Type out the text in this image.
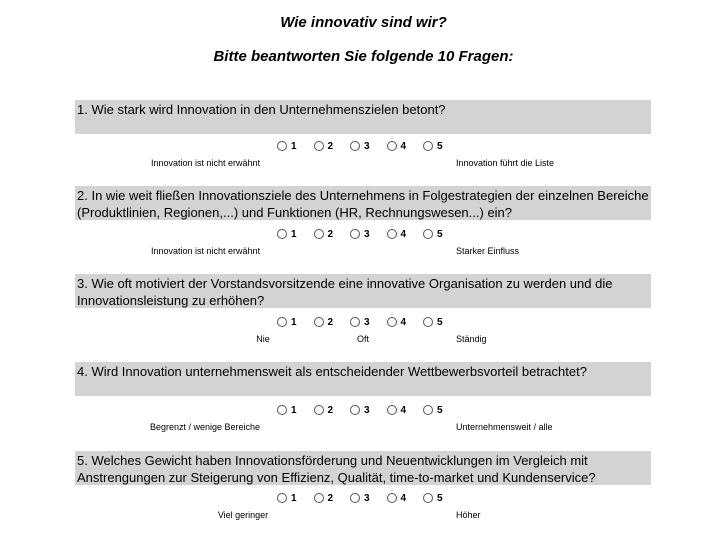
Wie innovativ sind wir?
Bitte beantworten Sie folgende 10 Fragen:
1. Wie stark wird Innovation in den Unternehmenszielen betont?
1	2	3	4	5
Innovation ist nicht erwähnt	Innovation führt die Liste
2. In wie weit fließen Innovationsziele des Unternehmens in Folgestrategien der einzelnen Bereiche (Produktlinien, Regionen,...) und Funktionen (HR, Rechnungswesen...) ein?
1	2	3	4	5
Innovation ist nicht erwähnt	Starker Einfluss
3. Wie oft motiviert der Vorstandsvorsitzende eine innovative Organisation zu werden und die Innovationsleistung zu erhöhen?
1	2	3	4	5
Nie	Oft	Ständig
4. Wird Innovation unternehmensweit als entscheidender Wettbewerbsvorteil betrachtet?
1	2	3	4	5
Begrenzt / wenige Bereiche	Unternehmensweit / alle
5. Welches Gewicht haben Innovationsförderung und Neuentwicklungen im Vergleich mit Anstrengungen zur Steigerung von Effizienz, Qualität, time-to-market und Kundenservice?
1	2	3	4	5
Viel geringer	Höher
